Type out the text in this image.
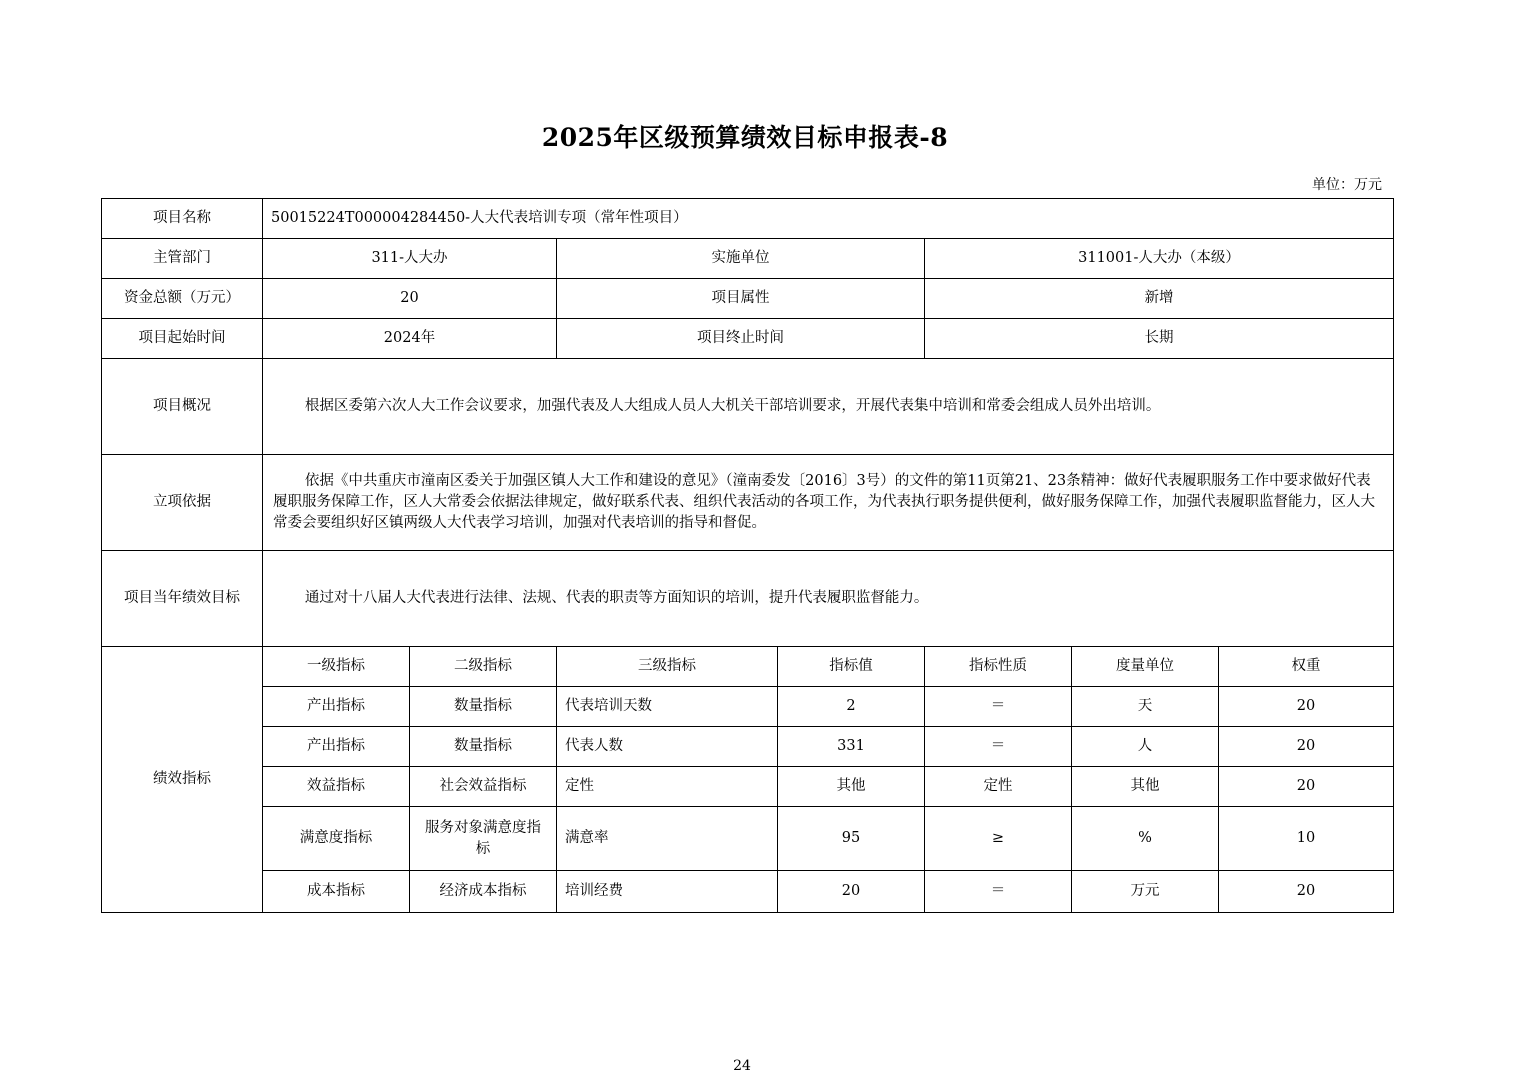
2025年区级预算绩效目标申报表-8
单位：万元
项目名称	50015224T000004284450-人大代表培训专项（常年性项目）						
主管部门	311-人大办		实施单位		311001-人大办（本级）		
资金总额（万元）	20		项目属性		新增		
项目起始时间	2024年		项目终止时间		长期		
项目概况	根据区委第六次人大工作会议要求，加强代表及人大组成人员人大机关干部培训要求，开展代表集中培训和常委会组成人员外出培训。						
立项依据	依据《中共重庆市潼南区委关于加强区镇人大工作和建设的意见》（潼南委发〔2016〕3号）的文件的第11页第21、23条精神：做好代表履职服务工作中要求做好代表履职服务保障工作，区人大常委会依据法律规定，做好联系代表、组织代表活动的各项工作，为代表执行职务提供便利，做好服务保障工作，加强代表履职监督能力，区人大常委会要组织好区镇两级人大代表学习培训，加强对代表培训的指导和督促。						
项目当年绩效目标	通过对十八届人大代表进行法律、法规、代表的职责等方面知识的培训，提升代表履职监督能力。						
绩效指标	一级指标	二级指标	三级指标	指标值	指标性质	度量单位	权重
	产出指标	数量指标	代表培训天数	2	＝	天	20
	产出指标	数量指标	代表人数	331	＝	人	20
	效益指标	社会效益指标	定性	其他	定性	其他	20
	满意度指标	服务对象满意度指标	满意率	95	≥	%	10
	成本指标	经济成本指标	培训经费	20	＝	万元	20
24
